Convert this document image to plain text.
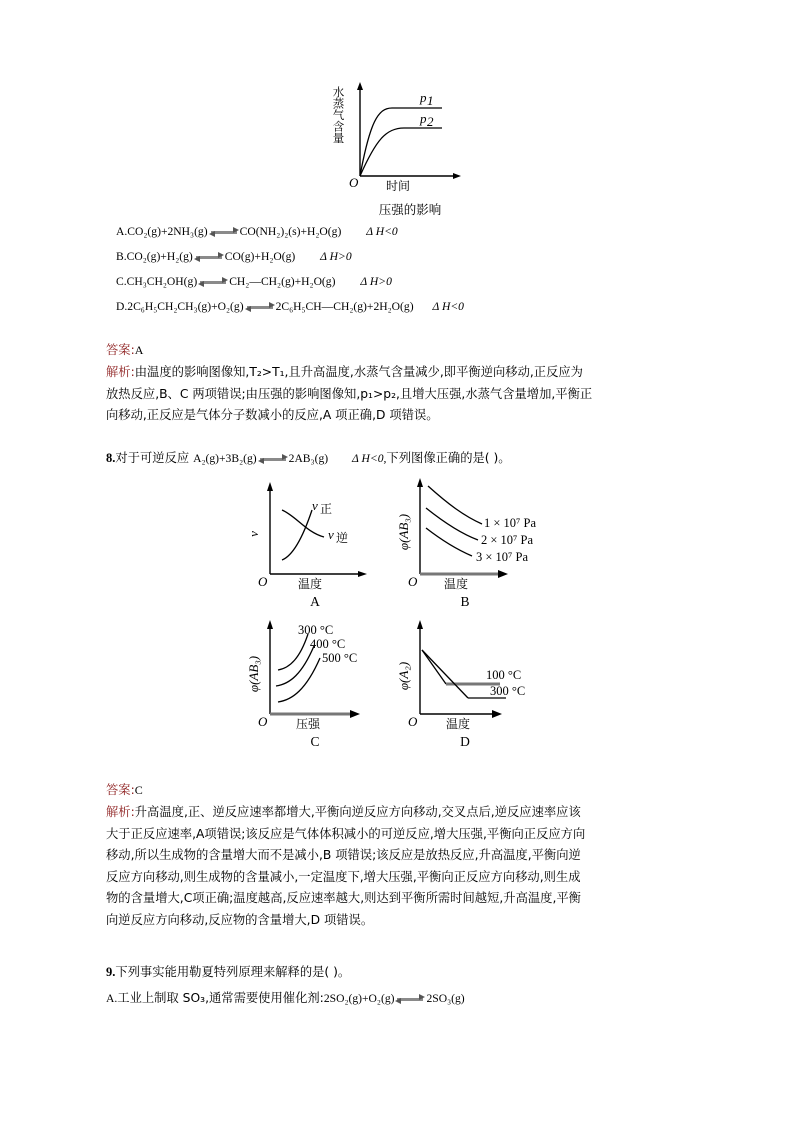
p 1
p 2
O 时间
水蒸气含量
压强的影响
A.CO₂(g)+2NH₃(g)	CO(NH₂)₂(s)+H₂O(g) Δ H<0
B.CO₂(g)+H₂(g)	CO(g)+H₂O(g) Δ H>0
C.CH₃CH₂OH(g)	CH₂—CH₂(g)+H₂O(g) Δ H>0
D.2C₆H₅CH₂CH₃(g)+O₂(g)	2C₆H₅CH—CH₂(g)+2H₂O(g) Δ H<0
答案:A
解析:由温度的影响图像知,T₂>T₁,且升高温度,水蒸气含量减少,即平衡逆向移动,正反应为
放热反应,B、C 两项错误;由压强的影响图像知,p₁>p₂,且增大压强,水蒸气含量增加,平衡正
向移动,正反应是气体分子数减小的反应,A 项正确,D 项错误。
8.对于可逆反应 A₂(g)+3B₂(g)	2AB₃(g) Δ H<0,下列图像正确的是( )。
v 正
v 逆
O	温度
v
A
1 × 10⁷ Pa
2 × 10⁷ Pa
3 × 10⁷ Pa
O 温度
φ(AB₃)
B
300 °C
400 °C
500 °C
O 压强
φ(AB₃)
C
100 °C
300 °C
O 温度
φ(A₂)
D
答案:C
解析:升高温度,正、逆反应速率都增大,平衡向逆反应方向移动,交叉点后,逆反应速率应该
大于正反应速率,A项错误;该反应是气体体积减小的可逆反应,增大压强,平衡向正反应方向
移动,所以生成物的含量增大而不是减小,B 项错误;该反应是放热反应,升高温度,平衡向逆
反应方向移动,则生成物的含量减小,一定温度下,增大压强,平衡向正反应方向移动,则生成
物的含量增大,C项正确;温度越高,反应速率越大,则达到平衡所需时间越短,升高温度,平衡
向逆反应方向移动,反应物的含量增大,D 项错误。
9.下列事实能用勒夏特列原理来解释的是( )。
A.工业上制取 SO₃,通常需要使用催化剂:2SO₂(g)+O₂(g)	2SO₃(g)
